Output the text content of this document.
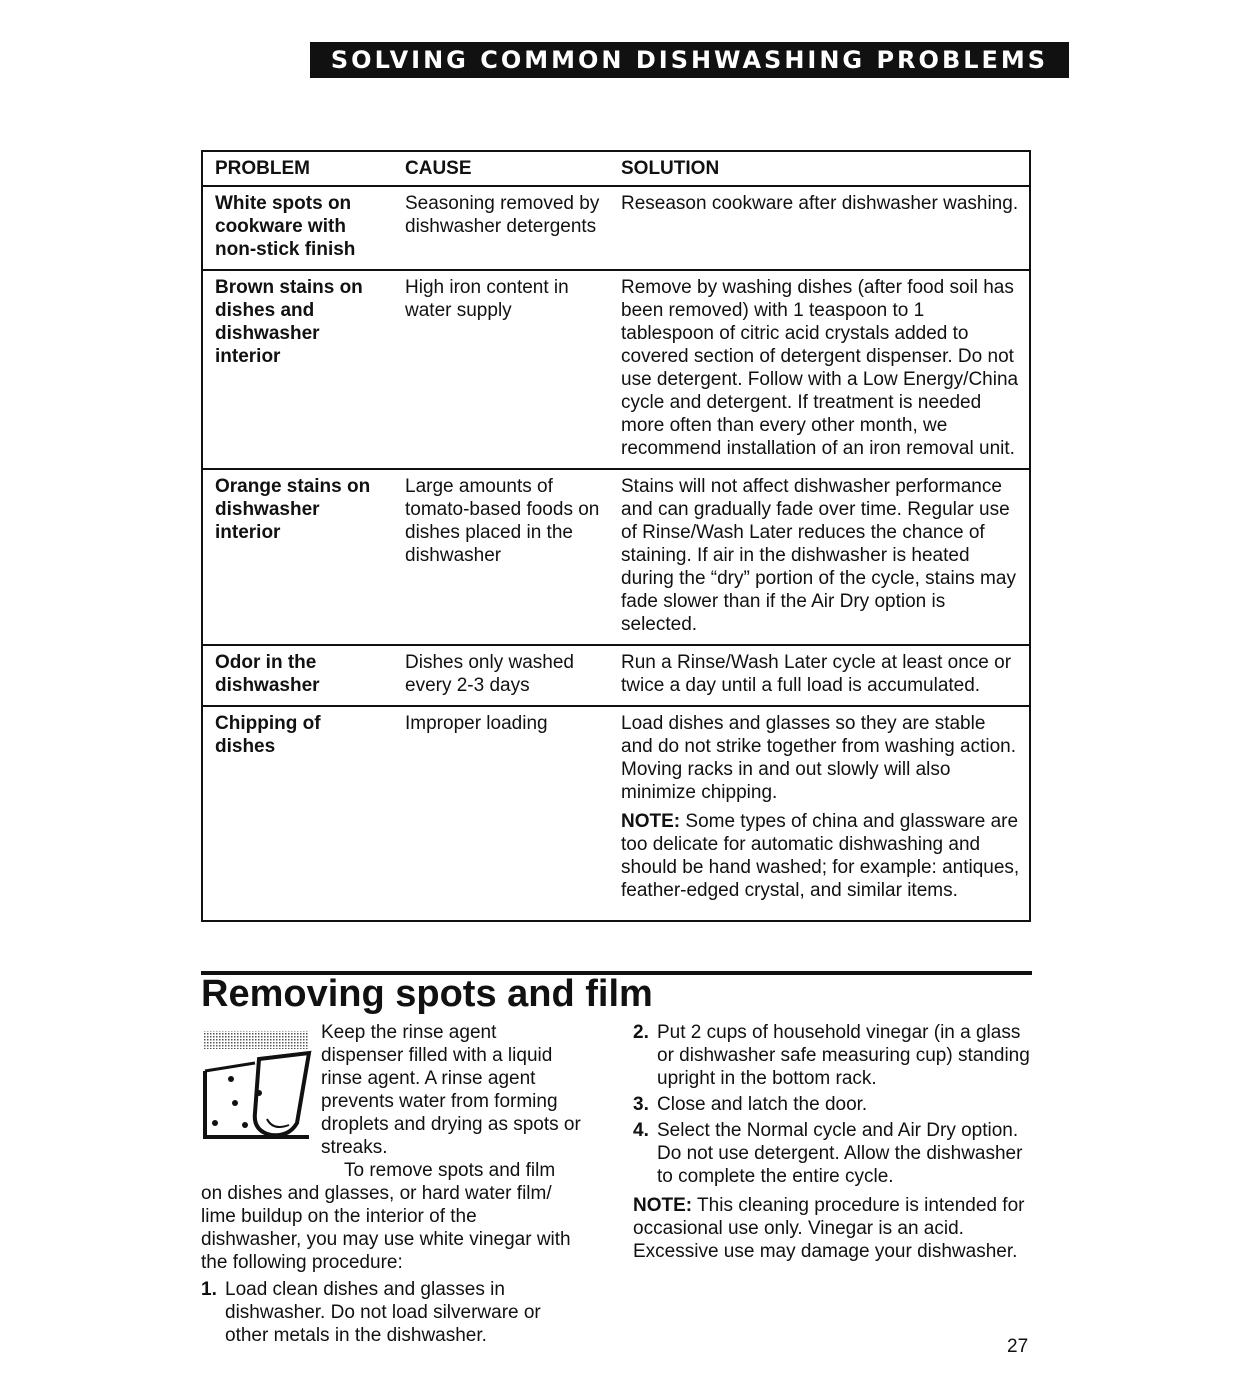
SOLVING COMMON DISHWASHING PROBLEMS
PROBLEM	CAUSE	SOLUTION
White spots on cookware with non-stick finish	Seasoning removed by dishwasher detergents	Reseason cookware after dishwasher washing.
Brown stains on dishes and dishwasher interior	High iron content in water supply	Remove by washing dishes (after food soil has been removed) with 1 teaspoon to 1 tablespoon of citric acid crystals added to covered section of detergent dispenser. Do not use detergent. Follow with a Low Energy/China cycle and detergent. If treatment is needed more often than every other month, we recommend installation of an iron removal unit.
Orange stains on dishwasher interior	Large amounts of tomato-based foods on dishes placed in the dishwasher	Stains will not affect dishwasher performance and can gradually fade over time. Regular use of Rinse/Wash Later reduces the chance of staining. If air in the dishwasher is heated during the “dry” portion of the cycle, stains may fade slower than if the Air Dry option is selected.
Odor in the dishwasher	Dishes only washed every 2-3 days	Run a Rinse/Wash Later cycle at least once or twice a day until a full load is accumulated.
Chipping of dishes	Improper loading	Load dishes and glasses so they are stable and do not strike together from washing action. Moving racks in and out slowly will also minimize chipping.
NOTE: Some types of china and glassware are too delicate for automatic dishwashing and should be hand washed; for example: antiques, feather-edged crystal, and similar items.
Removing spots and film

Keep the rinse agent dispenser filled with a liquid rinse agent. A rinse agent prevents water from forming droplets and drying as spots or streaks.

To remove spots and film on dishes and glasses, or hard water film/ lime buildup on the interior of the dishwasher, you may use white vinegar with the following procedure:

1. Load clean dishes and glasses in dishwasher. Do not load silverware or other metals in the dishwasher.
2. Put 2 cups of household vinegar (in a glass or dishwasher safe measuring cup) standing upright in the bottom rack.
3. Close and latch the door.
4. Select the Normal cycle and Air Dry option. Do not use detergent. Allow the dishwasher to complete the entire cycle.

NOTE: This cleaning procedure is intended for occasional use only. Vinegar is an acid. Excessive use may damage your dishwasher.

27
